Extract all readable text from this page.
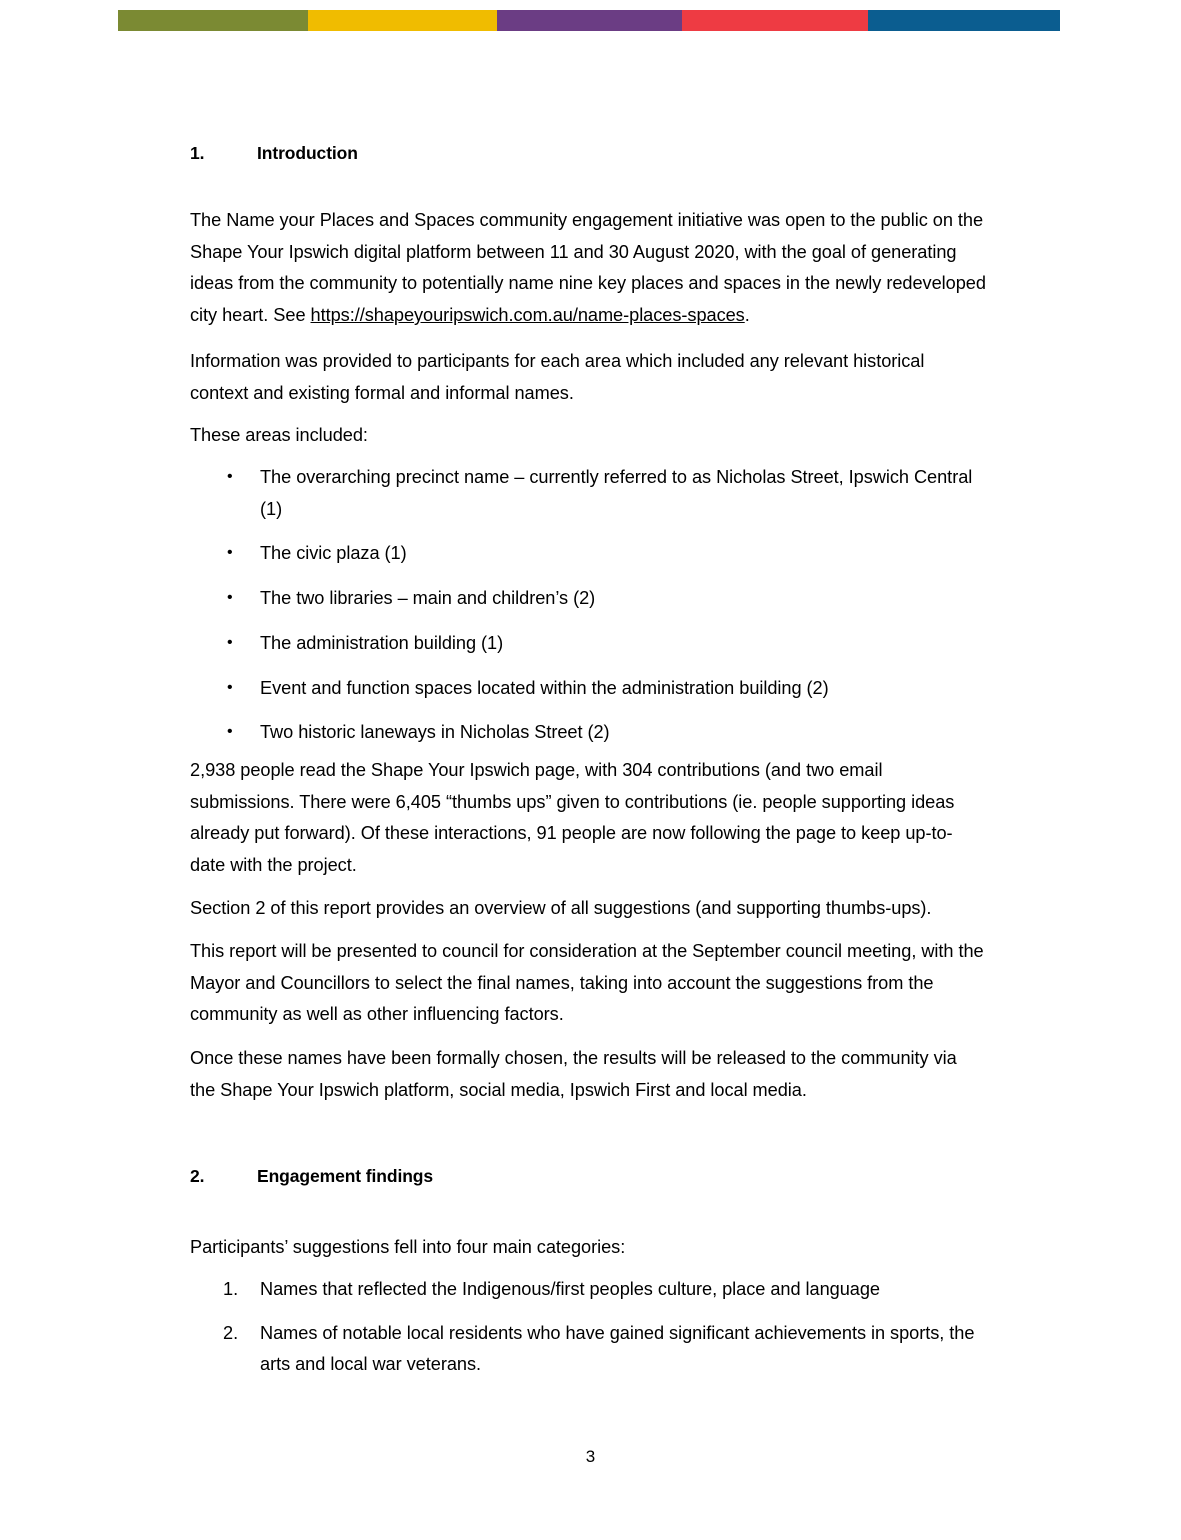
1.	Introduction

The Name your Places and Spaces community engagement initiative was open to the public on the Shape Your Ipswich digital platform between 11 and 30 August 2020, with the goal of generating ideas from the community to potentially name nine key places and spaces in the newly redeveloped city heart. See https://shapeyouripswich.com.au/name-places-spaces.

Information was provided to participants for each area which included any relevant historical context and existing formal and informal names.

These areas included:

• The overarching precinct name – currently referred to as Nicholas Street, Ipswich Central (1)
• The civic plaza (1)
• The two libraries – main and children’s (2)
• The administration building (1)
• Event and function spaces located within the administration building (2)
• Two historic laneways in Nicholas Street (2)

2,938 people read the Shape Your Ipswich page, with 304 contributions (and two email submissions. There were 6,405 “thumbs ups” given to contributions (ie. people supporting ideas already put forward). Of these interactions, 91 people are now following the page to keep up-to-date with the project.

Section 2 of this report provides an overview of all suggestions (and supporting thumbs-ups).

This report will be presented to council for consideration at the September council meeting, with the Mayor and Councillors to select the final names, taking into account the suggestions from the community as well as other influencing factors.

Once these names have been formally chosen, the results will be released to the community via the Shape Your Ipswich platform, social media, Ipswich First and local media.

2.	Engagement findings

Participants’ suggestions fell into four main categories:

1. Names that reflected the Indigenous/first peoples culture, place and language
2. Names of notable local residents who have gained significant achievements in sports, the arts and local war veterans.
3
